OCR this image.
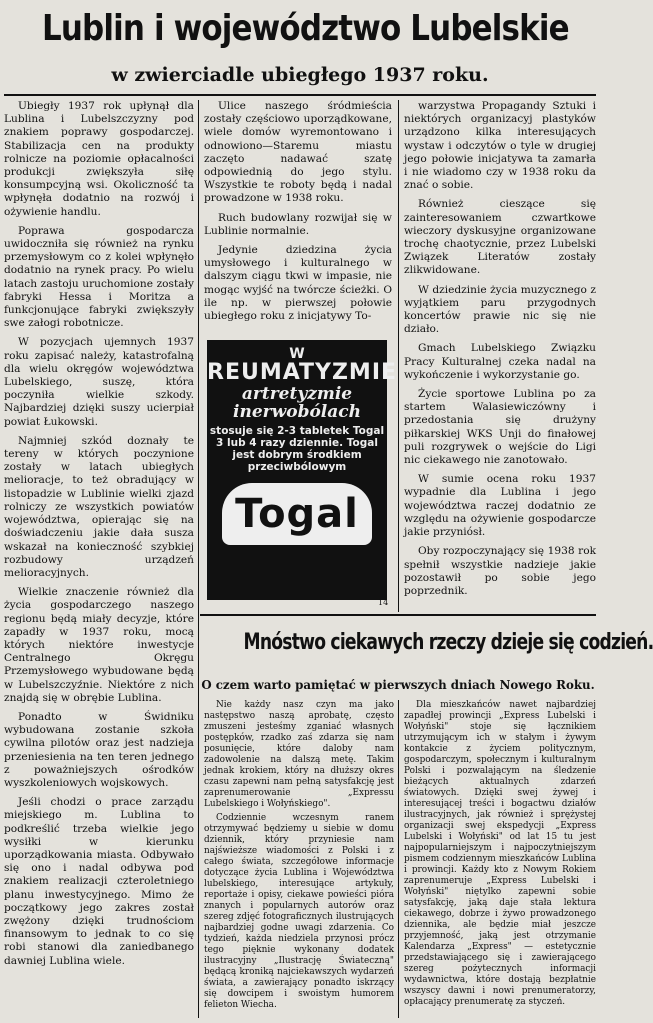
Lublin i województwo Lubelskie
w zwierciadle ubiegłego 1937 roku.

Ubiegły 1937 rok upłynął dla Lublina i Lubelszczyzny pod znakiem poprawy gospodarczej. Stabilizacja cen na produkty rolnicze na poziomie opłacalności produkcji zwiększyła siłę konsumpcyjną wsi. Okoliczność ta wpłynęła dodatnio na rozwój i ożywienie handlu.

Poprawa gospodarcza uwidoczniła się również na rynku przemysłowym co z kolei wpłynęło dodatnio na rynek pracy. Po wielu latach zastoju uruchomione zostały fabryki Hessa i Moritza a funkcjonujące fabryki zwiększyły swe załogi robotnicze.

W pozycjach ujemnych 1937 roku zapisać należy, katastrofalną dla wielu okręgów województwa Lubelskiego, suszę, która poczyniła wielkie szkody. Najbardziej dzięki suszy ucierpiał powiat Łukowski.

Najmniej szkód doznały te tereny w których poczynione zostały w latach ubiegłych melioracje, to też obradujący w listopadzie w Lublinie wielki zjazd rolniczy ze wszystkich powiatów województwa, opierając się na doświadczeniu jakie dała susza wskazał na konieczność szybkiej rozbudowy urządzeń melioracyjnych.

Wielkie znaczenie również dla życia gospodarczego naszego regionu będą miały decyzje, które zapadły w 1937 roku, mocą których niektóre inwestycje Centralnego Okręgu Przemysłowego wybudowane będą w Lubelszczyźnie. Niektóre z nich znajdą się w obrębie Lublina.

Ponadto w Świdniku wybudowana zostanie szkoła cywilna pilotów oraz jest nadzieja przeniesienia na ten teren jednego z poważniejszych ośrodków wyszkoleniowych wojskowych.

Jeśli chodzi o prace zarządu miejskiego m. Lublina to podkreślić trzeba wielkie jego wysiłki w kierunku uporządkowania miasta. Odbywało się ono i nadal odbywa pod znakiem realizacji czteroletniego planu inwestycyjnego. Mimo że początkowy jego zakres został zwężony dzięki trudnościom finansowym to jednak to co się robi stanowi dla zaniedbanego dawniej Lublina wiele.

Ulice naszego śródmieścia zostały częściowo uporządkowane, wiele domów wyremontowano i odnowiono—Staremu miastu zaczęto nadawać szatę odpowiednią do jego stylu. Wszystkie te roboty będą i nadal prowadzone w 1938 roku.

Ruch budowlany rozwijał się w Lublinie normalnie.

Jedynie dziedzina życia umysłowego i kulturalnego w dalszym ciągu tkwi w impasie, nie mogąc wyjść na twórcze ścieżki. O ile np. w pierwszej połowie ubiegłego roku z inicjatywy To-

W
REUMATYZMIE
artretyzmie
inerwobólach
stosuje się 2-3 tabletek Togal 3 lub 4 razy dziennie. Togal jest dobrym środkiem przeciwbólowym
Togal
14

warzystwa Propagandy Sztuki i niektórych organizacyj plastyków urządzono kilka interesujących wystaw i odczytów o tyle w drugiej jego połowie inicjatywa ta zamarła i nie wiadomo czy w 1938 roku da znać o sobie.

Również cieszące się zainteresowaniem czwartkowe wieczory dyskusyjne organizowane trochę chaotycznie, przez Lubelski Związek Literatów zostały zlikwidowane.

W dziedzinie życia muzycznego z wyjątkiem paru przygodnych koncertów prawie nic się nie działo.

Gmach Lubelskiego Związku Pracy Kulturalnej czeka nadal na wykończenie i wykorzystanie go.

Życie sportowe Lublina po za startem Walasiewiczówny i przedostania się drużyny piłkarskiej WKS Unji do finałowej puli rozgrywek o wejście do Ligi nic ciekawego nie zanotowało.

W sumie ocena roku 1937 wypadnie dla Lublina i jego województwa raczej dodatnio ze względu na ożywienie gospodarcze jakie przyniósł.

Oby rozpoczynający się 1938 rok spełnił wszystkie nadzieje jakie pozostawił po sobie jego poprzednik.

Mnóstwo ciekawych rzeczy dzieje się codzień.
O czem warto pamiętać w pierwszych dniach Nowego Roku.

Nie każdy nasz czyn ma jako następstwo naszą aprobatę, często zmuszeni jesteśmy zganiać własnych postępków, rzadko zaś zdarza się nam posunięcie, które daloby nam zadowolenie na dalszą metę. Takim jednak krokiem, który na dłuższy okres czasu zapewni nam pełną satysfakcję jest zaprenumerowanie „Expressu Lubelskiego i Wołyńskiego".

Codziennie wczesnym ranem otrzymywać będziemy u siebie w domu dziennik, który przyniesie nam najświeższe wiadomości z Polski i z całego świata, szczegółowe informacje dotyczące życia Lublina i Województwa lubelskiego, interesujące artykuły, reportaże i opisy, ciekawe powieści pióra znanych i popularnych autorów oraz szereg zdjęć fotograficznych ilustrujących najbardziej godne uwagi zdarzenia. Co tydzień, każda niedziela przynosi prócz tego pięknie wykonany dodatek ilustracyjny „Ilustrację Świateczną" będącą kroniką najciekawszych wydarzeń świata, a zawierający ponadto iskrzący się dowcipem i swoistym humorem felieton Wiecha.

Dla mieszkańców nawet najbardziej zapadłej prowincji „Express Lubelski i Wołyński" stoje się łącznikiem utrzymującym ich w stałym i żywym kontakcie z życiem politycznym, gospodarczym, społecznym i kulturalnym Polski i pozwalającym na śledzenie bieżących aktualnych zdarzeń światowych. Dzięki swej żywej i interesującej treści i bogactwu działów ilustracyjnych, jak również i sprężystej organizacji swej ekspedycji „Express Lubelski i Wołyński" od lat 15 tu jest najpopularniejszym i najpoczytniejszym pismem codziennym mieszkańców Lublina i prowincji. Każdy kto z Nowym Rokiem zaprenumeruje „Express Lubelski i Wołyński" niętylko zapewni sobie satysfakcję, jaką daje stała lektura ciekawego, dobrze i żywo prowadzonego dziennika, ale będzie miał jeszcze przyjemność, jaką jest otrzymanie Kalendarza „Express" — estetycznie przedstawiającego się i zawierającego szereg pożytecznych informacji wydawnictwa, które dostają bezpłatnie wszyscy dawni i nowi prenumeratorzy, opłacający prenumeratę za styczeń.
